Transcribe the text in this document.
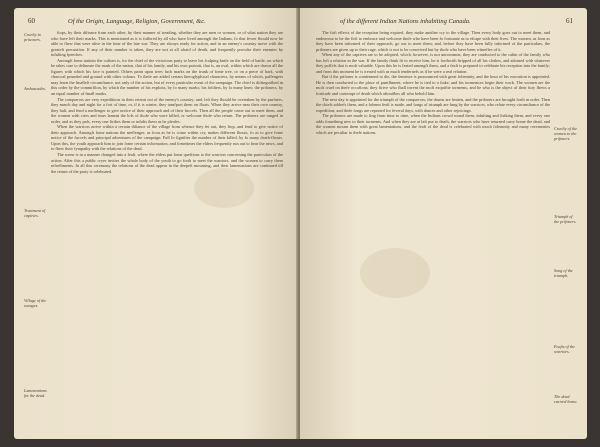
60	Of the Origin, Language, Religion, Government, &c.
Cruelty to prisoners.
Ambuscades.
Treatment of captives.
Village of the savages.
Lamentations for the dead.

ftops, by their diftance from each other, by their manner of treading, whether they are men or women, or of what nation they are who have left their marks. This is mentioned as it is fuffered by all who have lived amongft the Indians, fo that fewer fhould now be able to fhew that were alive in the time of the late war. They are always ready for action, and in an enemy's country move with the greateft precaution. If any of their number is taken, they are not at all afraid of death, and frequently provoke their enemies by infulting fpeeches.

Amongft fome nations the cuftom is, for the chief of the victorious party to leave his fcalping knife on the field of battle, on which he takes care to delineate the mark of the nation, that of his family, and his own portrait, that is, an oval, within which are drawn all the figures with which his face is painted. Others paint upon trees fuch marks on the trunk of fome tree, or on a piece of bark, with charcoal pounded and ground with other colours. To thefe are added certain hieroglyphical characters, by means of which, paffengers may learn the fmalleft circumftance, not only of the action, but of every particular event of the campaign. The chief is diftinguifhed in this order by the commiffion, by which the number of his exploits, by fo many marks; his foldiers, by fo many lines; the prifoners, by an equal number of fmall marks.

The conquerors are very expeditious in their retreat out of the enemy's country; and, left they fhould be overtaken by the purfuers, they march day and night for a fort of time, or, if it is winter, they tranfport them on floats. When they arrive near their own country, they halt, and fend a meffenger to give notice of their approach and of their fuccefs. Then all the people come out to meet them, and the women with cries and tears lament the lofs of thofe who were killed, or welcome thofe who return. The prifoners are ranged in order, and as they pafs, every one ftrikes them or infults them as he pleafes.

When the warriors arrive within a certain diftance of the village from whence they fet out, they ftop, and fend to give notice of their approach. Amongft fome nations the meffenger, as foon as he is come within cry, makes different fhouts, fo as to give fome notice of the fuccefs and principal adventures of the campaign. Full fo fignifies the number of their killed, by fo many death-fhouts. Upon this, the youth approach him to join fome certain information, and fometimes the elders frequently run out to hear the news, and to fhew their fympathy with the relations of the dead.

The scene is in a manner changed into a feaft, where the elders put fome queftions to the warriors concerning the particulars of the action. After this a public cryer invites the whole body of the youth to go forth to meet the warriors, and the women to carry them refrefhments. In all this ceremony the relations of the dead appear in the deepeft mourning, and their lamentations are continued till the return of the party is celebrated.

of the different Indian Nations inhabiting Canada.	61
Cruelty of the women to the prifoners.
Triumph of the prifoners.
Song of the triumph.
Feafts of the warriors.
The dead carried home.

The firft effects of the reception being expired, they make another cry to the village. Then every body goes out to meet them, and endeavour to be the firft to embrace and welcome thofe who have been fo fortunate as to efcape with their lives. The women, as foon as they have been informed of their approach, go out to meet them; and, before they have been fully informed of the particulars, the prifoners are given up to their rage, which is not to be conceived but by thofe who have been witneffes of it.

When any of the captives are to be adopted, which, however, is not uncommon, they are conducted to the cabin of the family who has loft a relation in the war. If the family think fit to receive him, he is forthwith ftripped of all his clothes, and adorned with whatever they poffefs that is moft valuable. Upon this he is feated amongft them, and a feaft is prepared to celebrate his reception into the family; and from this moment he is treated with as much tendernefs as if he were a real relation.

But if the prifoner is condemned to die, the fentence is pronounced with great folemnity, and the hour of his execution is appointed. He is then conducted to the place of punifhment, where he is tied to a ftake, and his tormentors begin their work. The women are the moft cruel on thefe occafions; they ftrive who fhall invent the moft exquifite torments, and he who is the object of their fury fhews a fortitude and contempt of death which aftonifhes all who behold him.

The next day is appointed for the triumph of the conquerors; the drums are beaten, and the prifoners are brought forth in order. Then the chiefs addrefs them, and a folemn feaft is made, and fongs of triumph are fung by the warriors, who relate every circumftance of the expedition; and thefe fongs are repeated for feveral days, with dances and other rejoicings.

The prifoners are made to fing from time to time, when the Indians crowd round them, infulting and ftriking them, and every one adds fomething new to their torments. And when they are at laft put to death, the warriors who have returned carry home the dead, and the women mourn them with great lamentations, and the feaft of the dead is celebrated with much folemnity and many ceremonies which are peculiar to thefe nations.
